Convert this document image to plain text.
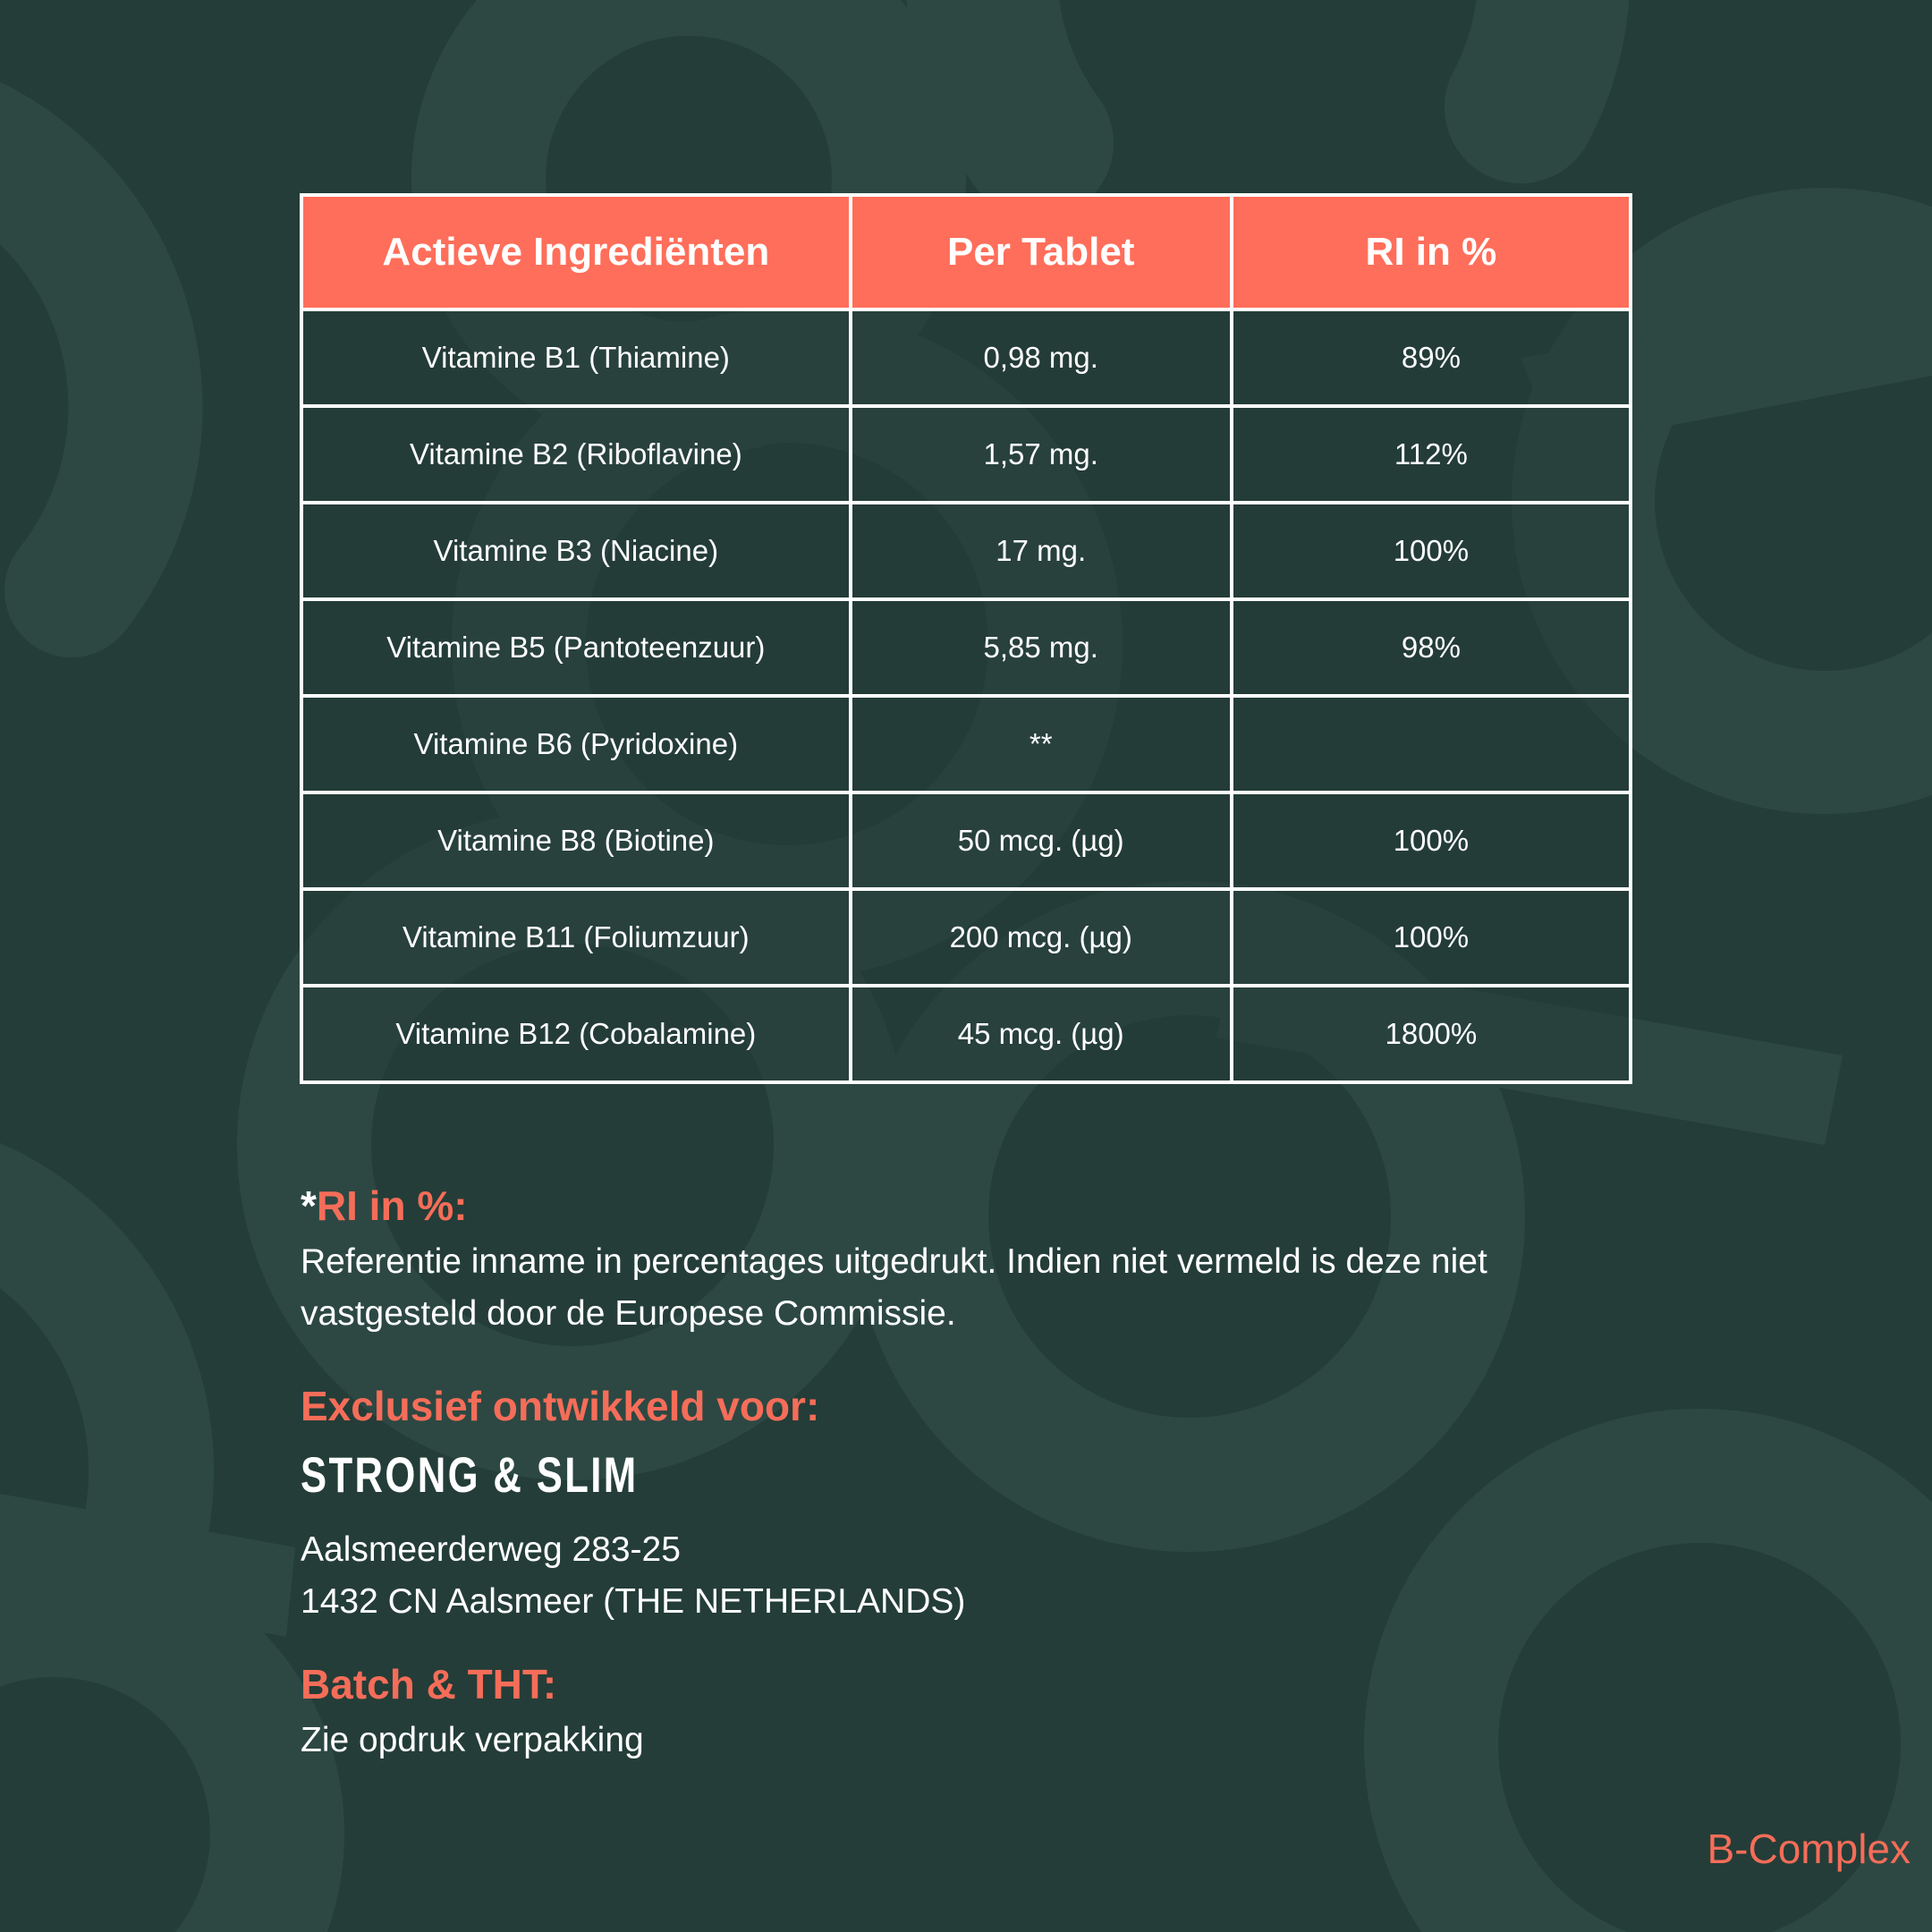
Actieve Ingrediënten	Per Tablet	RI in %
Vitamine B1 (Thiamine)	0,98 mg.	89%
Vitamine B2 (Riboflavine)	1,57 mg.	112%
Vitamine B3 (Niacine)	17 mg.	100%
Vitamine B5 (Pantoteenzuur)	5,85 mg.	98%
Vitamine B6 (Pyridoxine)	**	
Vitamine B8 (Biotine)	50 mcg. (µg)	100%
Vitamine B11 (Foliumzuur)	200 mcg. (µg)	100%
Vitamine B12 (Cobalamine)	45 mcg. (µg)	1800%

*RI in %:

Referentie inname in percentages uitgedrukt. Indien niet vermeld is deze niet

vastgesteld door de Europese Commissie.

Exclusief ontwikkeld voor:

STRONG & SLIM

Aalsmeerderweg 283-25

1432 CN Aalsmeer (THE NETHERLANDS)

Batch & THT:

Zie opdruk verpakking

B-Complex
